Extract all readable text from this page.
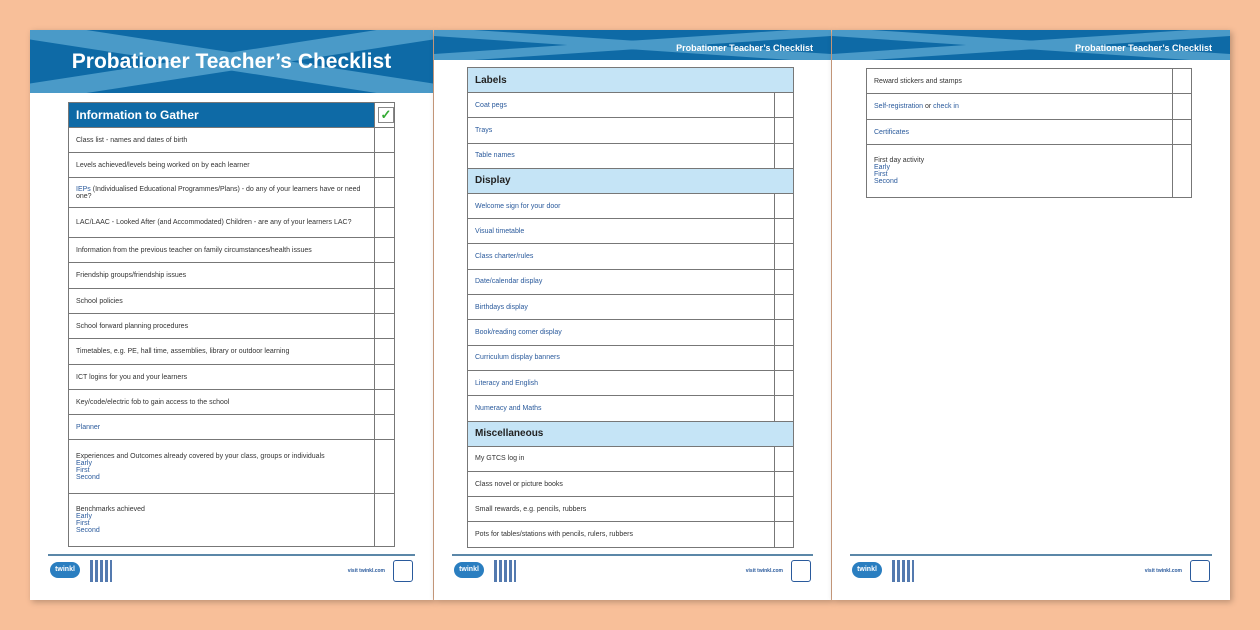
Probationer Teacher’s Checklist
Information to Gather	✓
Class list - names and dates of birth	
Levels achieved/levels being worked on by each learner	
IEPs (Individualised Educational Programmes/Plans) - do any of your learners have or need one?	
LAC/LAAC - Looked After (and Accommodated) Children - are any of your learners LAC?	
Information from the previous teacher on family circumstances/health issues	
Friendship groups/friendship issues	
School policies	
School forward planning procedures	
Timetables, e.g. PE, hall time, assemblies, library or outdoor learning	
ICT logins for you and your learners	
Key/code/electric fob to gain access to the school	
Planner	
Experiences and Outcomes already covered by your class, groups or individuals
Early
First
Second	
Benchmarks achieved
Early
First
Second	
twinkl	visit twinkl.com
Probationer Teacher’s Checklist
Labels	
Coat pegs	
Trays	
Table names	
Display	
Welcome sign for your door	
Visual timetable	
Class charter/rules	
Date/calendar display	
Birthdays display	
Book/reading corner display	
Curriculum display banners	
Literacy and English	
Numeracy and Maths	
Miscellaneous	
My GTCS log in	
Class novel or picture books	
Small rewards, e.g. pencils, rubbers	
Pots for tables/stations with pencils, rulers, rubbers	
twinkl	visit twinkl.com
Probationer Teacher’s Checklist
Reward stickers and stamps	
Self-registration or check in	
Certificates	
First day activity
Early
First
Second	
twinkl	visit twinkl.com
